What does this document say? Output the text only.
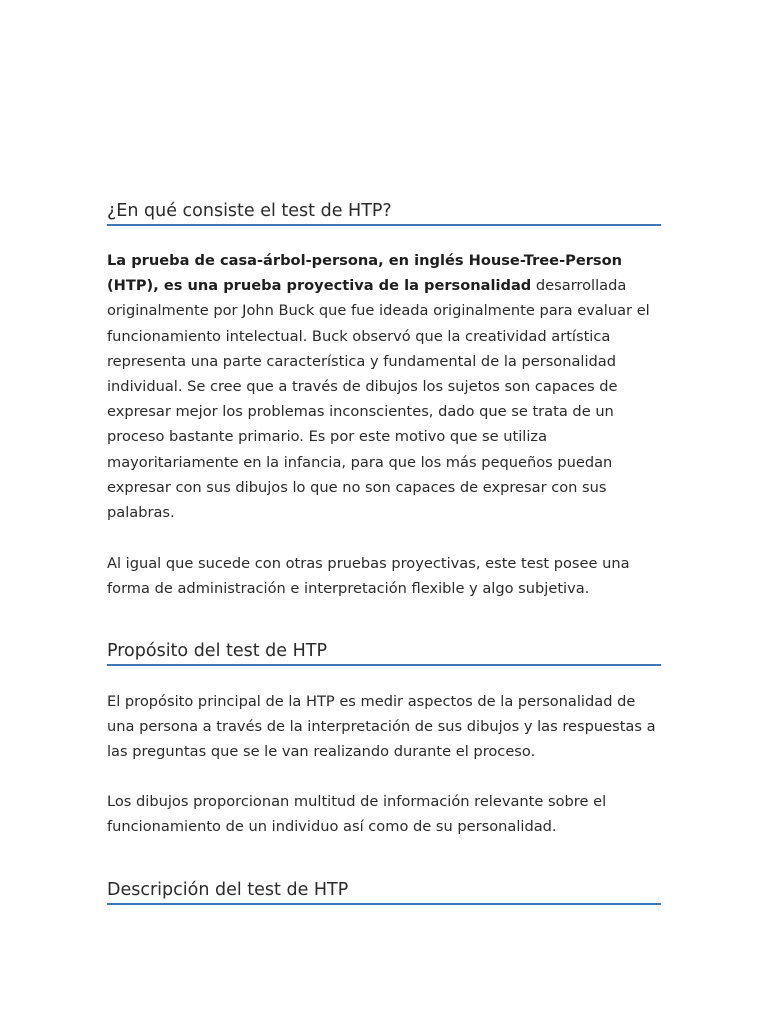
¿En qué consiste el test de HTP?

La prueba de casa-árbol-persona, en inglés House-Tree-Person (HTP), es una prueba proyectiva de la personalidad desarrollada originalmente por John Buck que fue ideada originalmente para evaluar el funcionamiento intelectual. Buck observó que la creatividad artística representa una parte característica y fundamental de la personalidad individual. Se cree que a través de dibujos los sujetos son capaces de expresar mejor los problemas inconscientes, dado que se trata de un proceso bastante primario. Es por este motivo que se utiliza mayoritariamente en la infancia, para que los más pequeños puedan expresar con sus dibujos lo que no son capaces de expresar con sus palabras.

Al igual que sucede con otras pruebas proyectivas, este test posee una forma de administración e interpretación flexible y algo subjetiva.

Propósito del test de HTP

El propósito principal de la HTP es medir aspectos de la personalidad de una persona a través de la interpretación de sus dibujos y las respuestas a las preguntas que se le van realizando durante el proceso.

Los dibujos proporcionan multitud de información relevante sobre el funcionamiento de un individuo así como de su personalidad.

Descripción del test de HTP
